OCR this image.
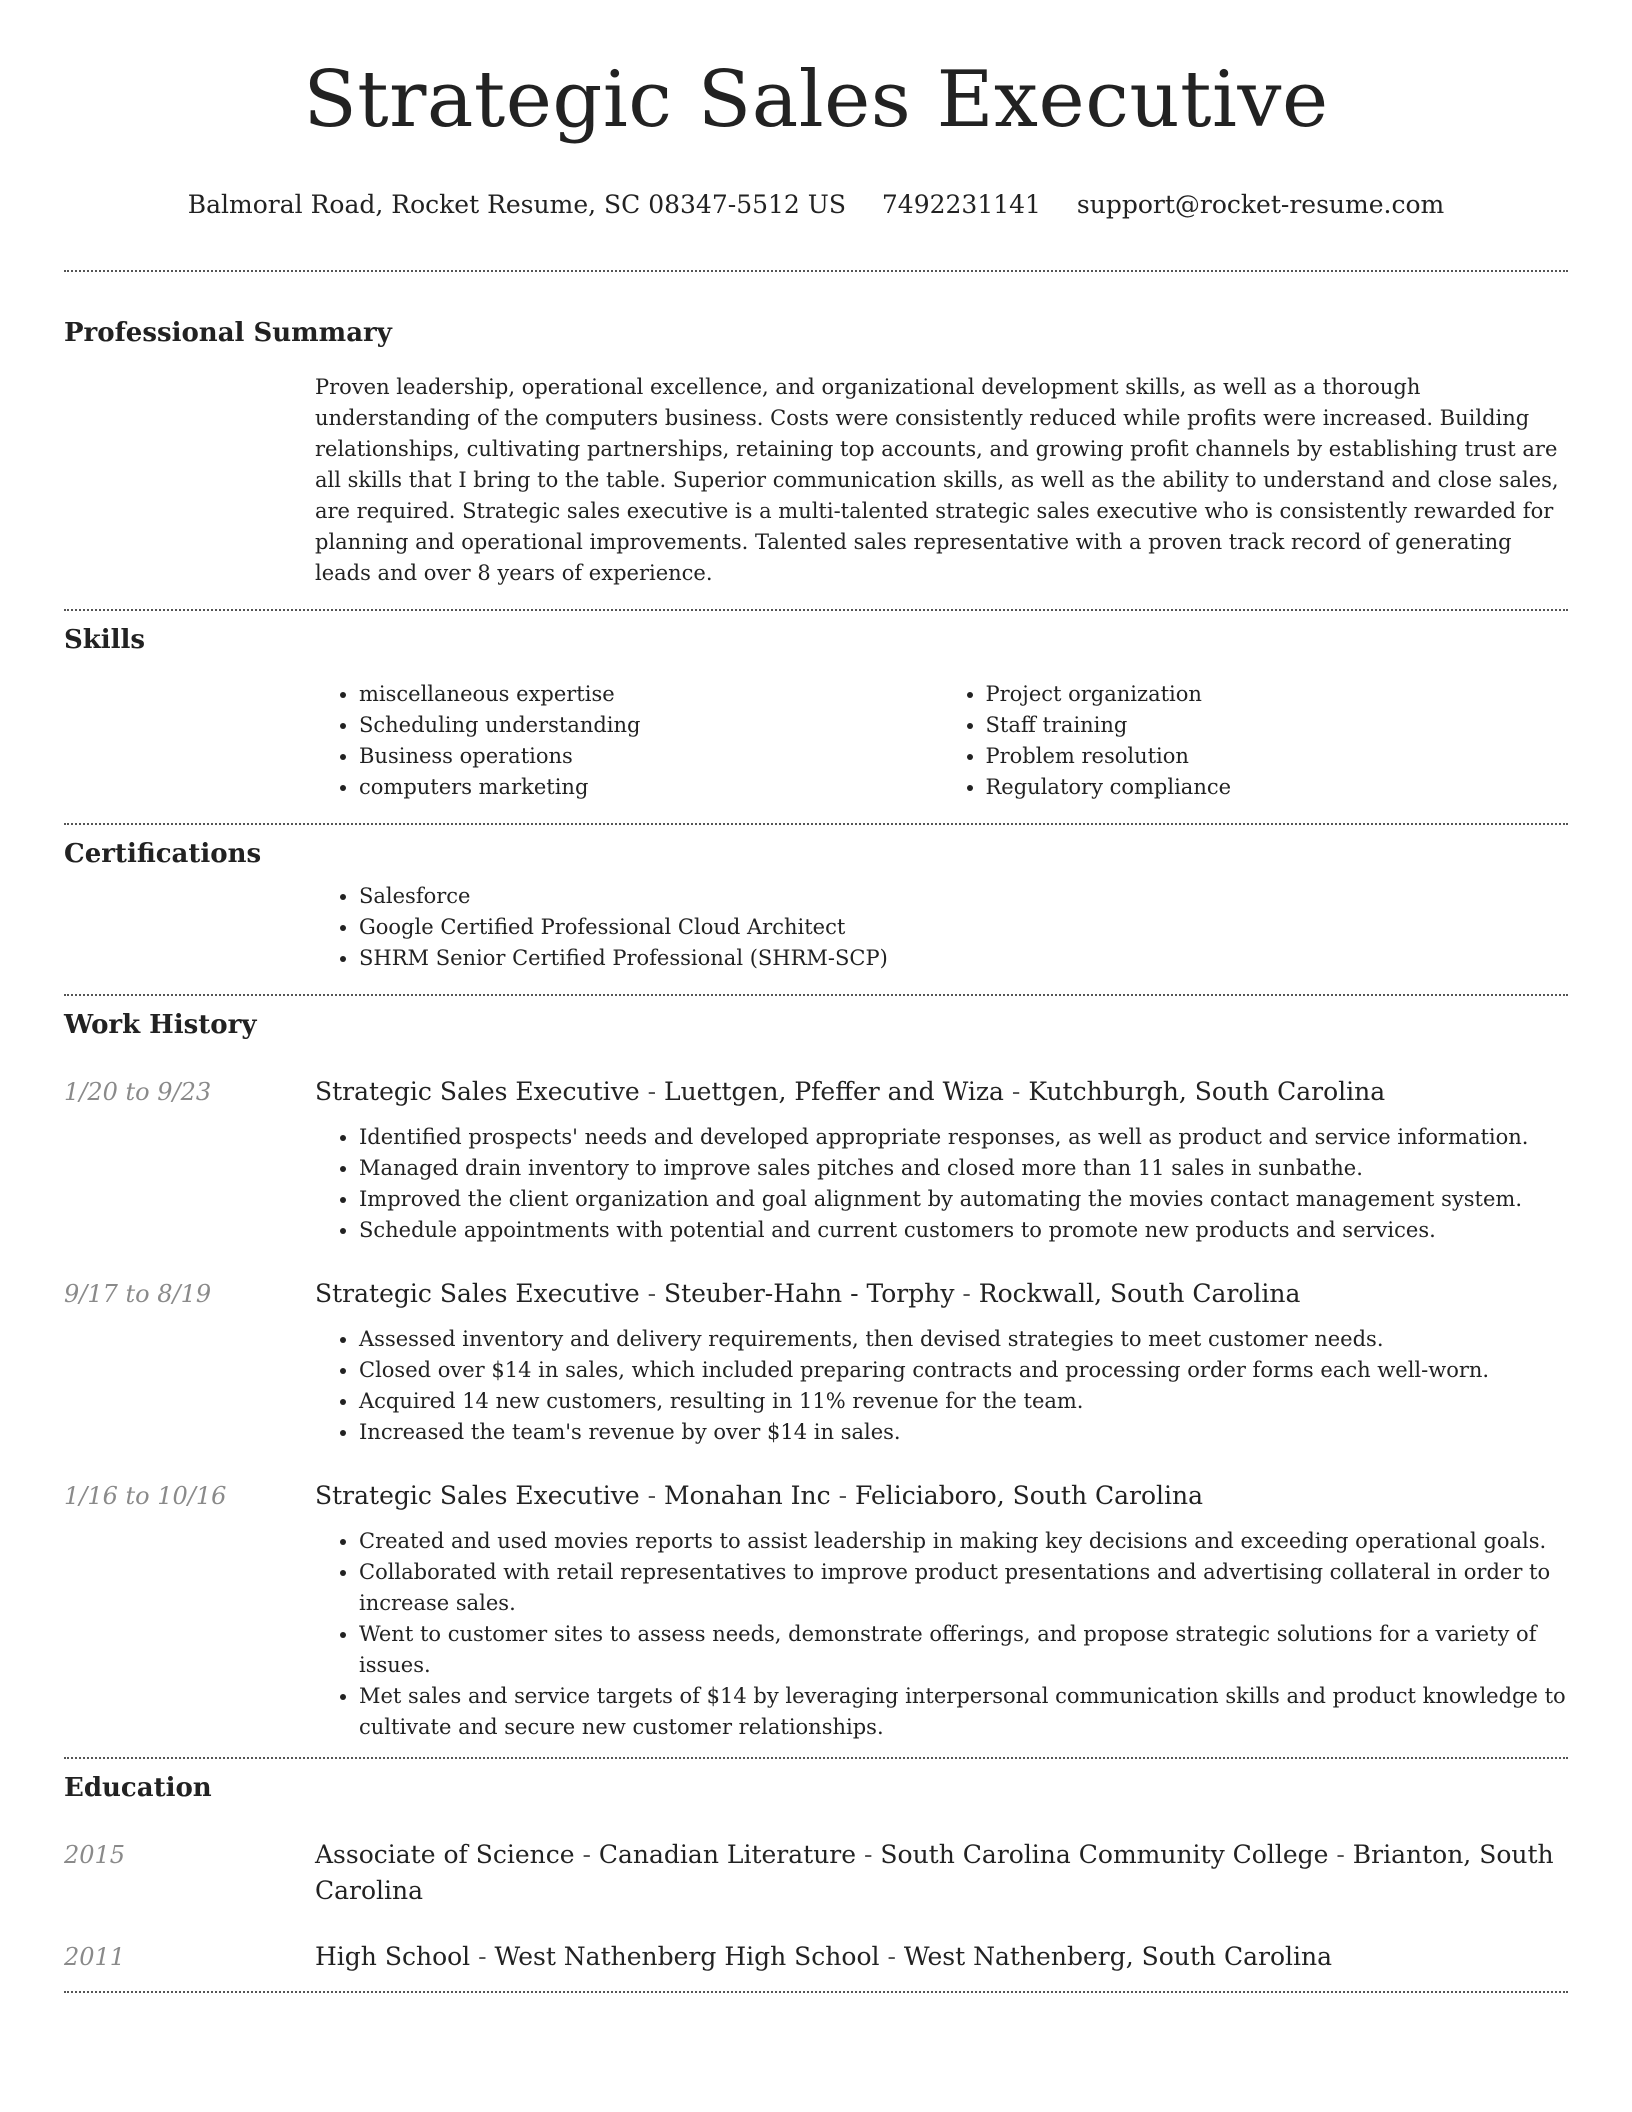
Strategic Sales Executive
Balmoral Road, Rocket Resume, SC 08347-5512 US 7492231141 support@rocket-resume.com
Professional Summary

Proven leadership, operational excellence, and organizational development skills, as well as a thorough understanding of the computers business. Costs were consistently reduced while profits were increased. Building relationships, cultivating partnerships, retaining top accounts, and growing profit channels by establishing trust are all skills that I bring to the table. Superior communication skills, as well as the ability to understand and close sales, are required. Strategic sales executive is a multi-talented strategic sales executive who is consistently rewarded for planning and operational improvements. Talented sales representative with a proven track record of generating leads and over 8 years of experience.

Skills
• miscellaneous expertise
• Scheduling understanding
• Business operations
• computers marketing
• Project organization
• Staff training
• Problem resolution
• Regulatory compliance
Certifications
• Salesforce
• Google Certified Professional Cloud Architect
• SHRM Senior Certified Professional (SHRM-SCP)
Work History
1/20 to 9/23	Strategic Sales Executive - Luettgen, Pfeffer and Wiza - Kutchburgh, South Carolina
• Identified prospects' needs and developed appropriate responses, as well as product and service information.
• Managed drain inventory to improve sales pitches and closed more than 11 sales in sunbathe.
• Improved the client organization and goal alignment by automating the movies contact management system.
• Schedule appointments with potential and current customers to promote new products and services.
9/17 to 8/19	Strategic Sales Executive - Steuber-Hahn - Torphy - Rockwall, South Carolina
• Assessed inventory and delivery requirements, then devised strategies to meet customer needs.
• Closed over $14 in sales, which included preparing contracts and processing order forms each well-worn.
• Acquired 14 new customers, resulting in 11% revenue for the team.
• Increased the team's revenue by over $14 in sales.
1/16 to 10/16	Strategic Sales Executive - Monahan Inc - Feliciaboro, South Carolina
• Created and used movies reports to assist leadership in making key decisions and exceeding operational goals.
• Collaborated with retail representatives to improve product presentations and advertising collateral in order to increase sales.
• Went to customer sites to assess needs, demonstrate offerings, and propose strategic solutions for a variety of issues.
• Met sales and service targets of $14 by leveraging interpersonal communication skills and product knowledge to cultivate and secure new customer relationships.
Education
2015	Associate of Science - Canadian Literature - South Carolina Community College - Brianton, South Carolina
2011	High School - West Nathenberg High School - West Nathenberg, South Carolina
